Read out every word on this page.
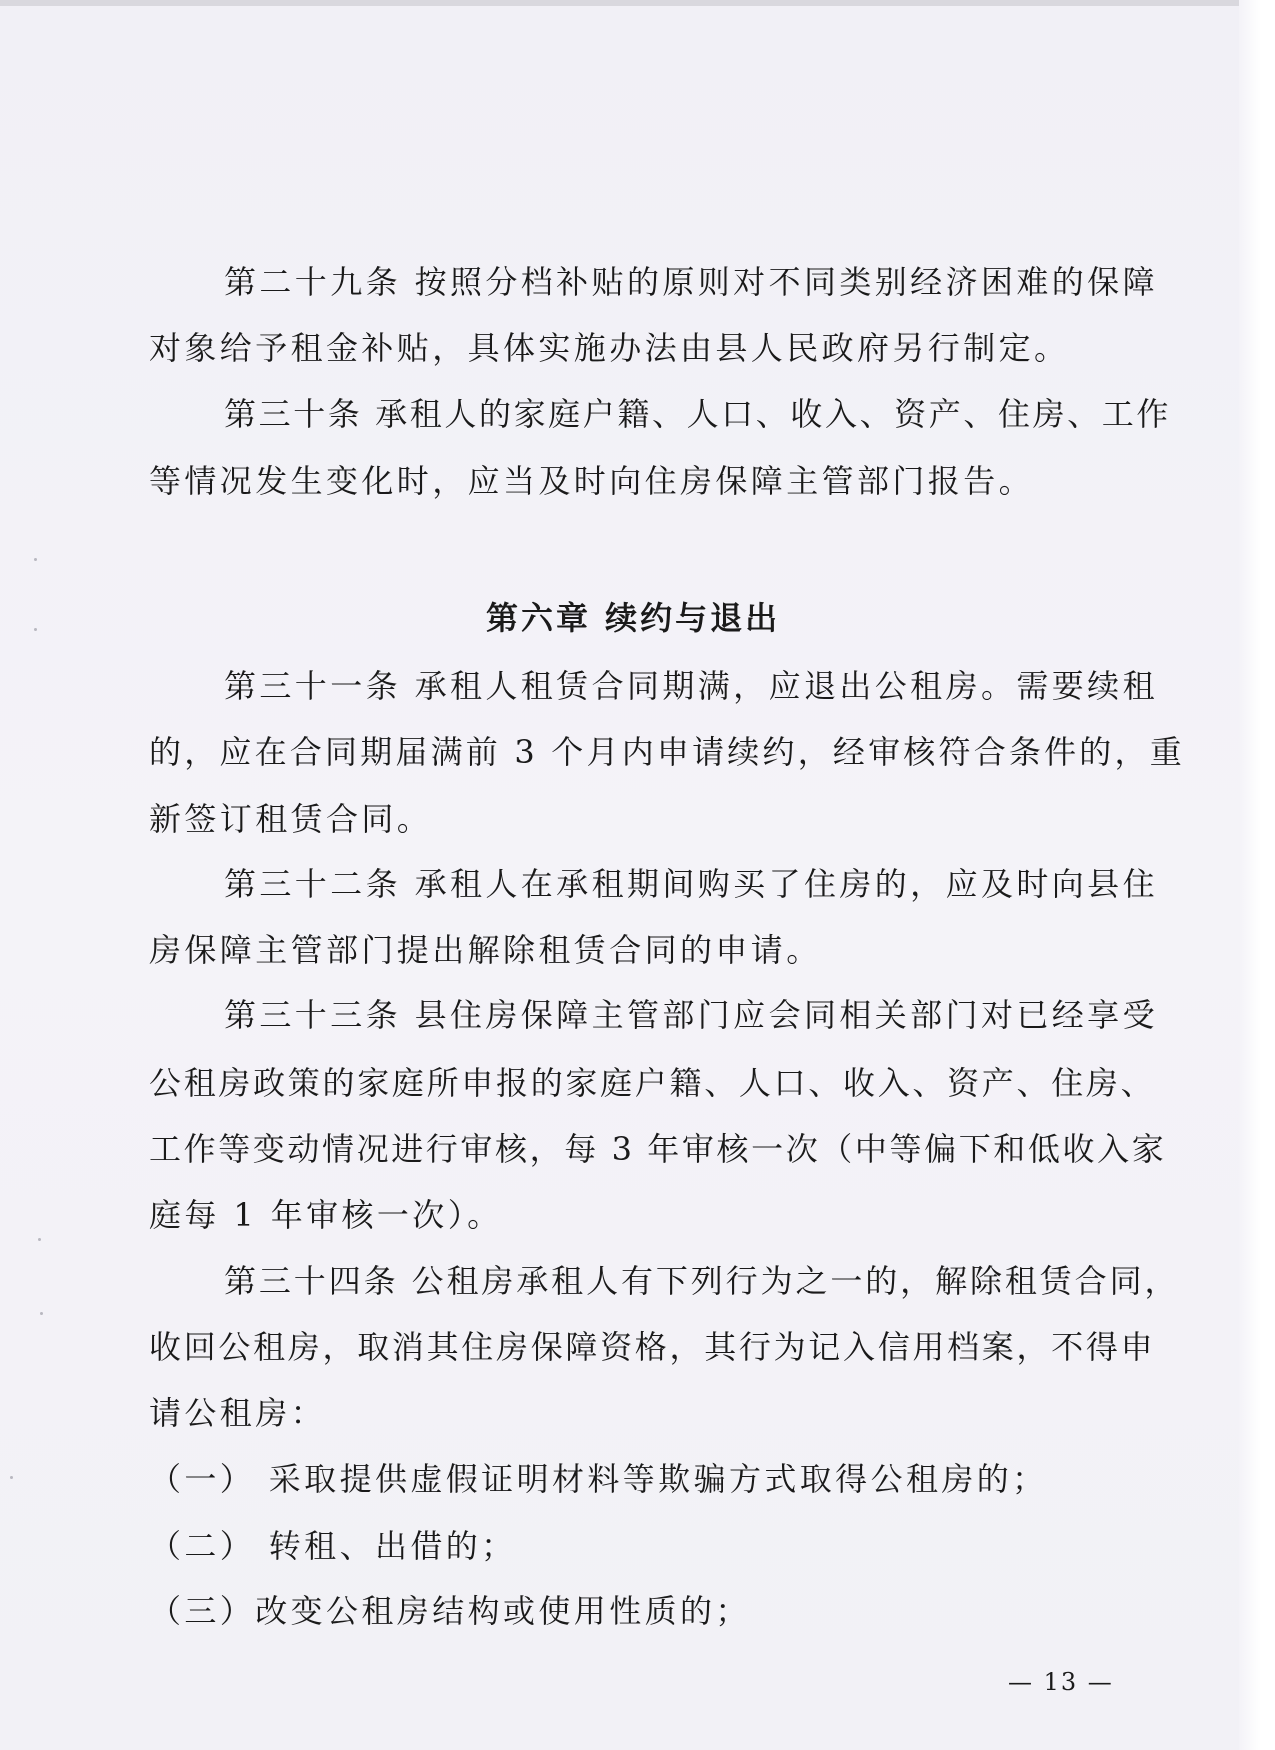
第二十九条 按照分档补贴的原则对不同类别经济困难的保障
对象给予租金补贴，具体实施办法由县人民政府另行制定。
第三十条 承租人的家庭户籍、人口、收入、资产、住房、工作
等情况发生变化时，应当及时向住房保障主管部门报告。
第六章 续约与退出
第三十一条 承租人租赁合同期满，应退出公租房。需要续租
的，应在合同期届满前 3 个月内申请续约，经审核符合条件的，重
新签订租赁合同。
第三十二条 承租人在承租期间购买了住房的，应及时向县住
房保障主管部门提出解除租赁合同的申请。
第三十三条 县住房保障主管部门应会同相关部门对已经享受
公租房政策的家庭所申报的家庭户籍、人口、收入、资产、住房、
工作等变动情况进行审核，每 3 年审核一次（中等偏下和低收入家
庭每 1 年审核一次）。
第三十四条 公租房承租人有下列行为之一的，解除租赁合同，
收回公租房，取消其住房保障资格，其行为记入信用档案，不得申
请公租房：
（一） 采取提供虚假证明材料等欺骗方式取得公租房的；
（二） 转租、出借的；
（三）改变公租房结构或使用性质的；
— 13 —
